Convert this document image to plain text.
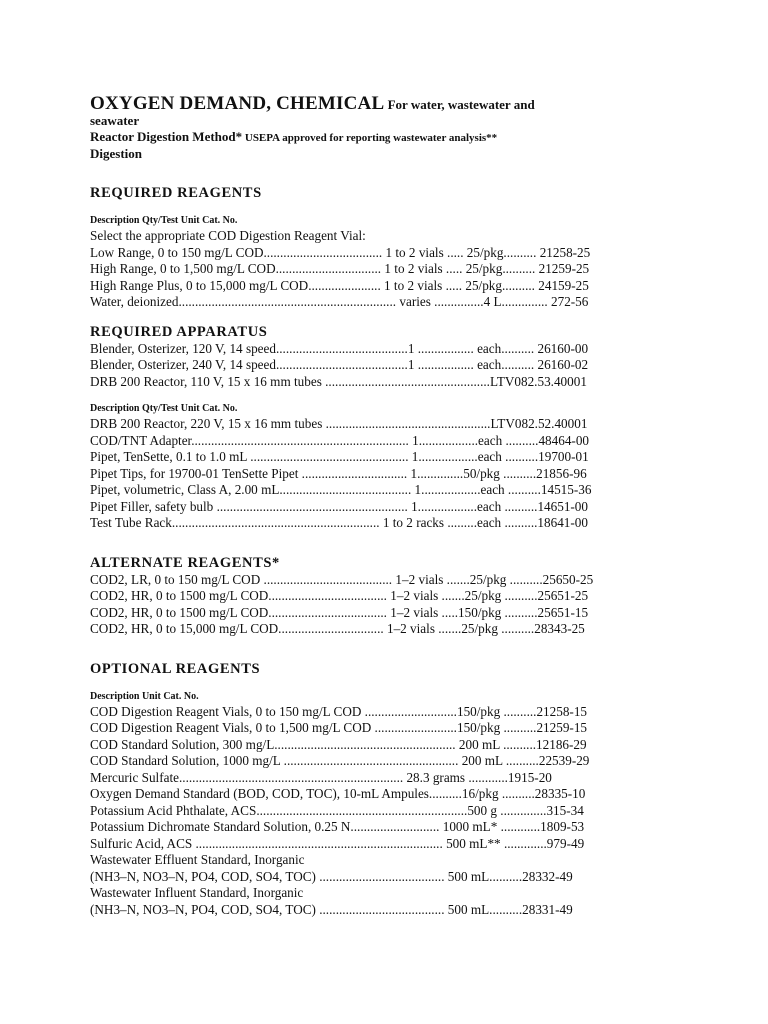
OXYGEN DEMAND, CHEMICAL For water, wastewater and
seawater
Reactor Digestion Method* USEPA approved for reporting wastewater analysis**
Digestion
REQUIRED REAGENTS
Description Qty/Test Unit Cat. No.
Select the appropriate COD Digestion Reagent Vial:
Low Range, 0 to 150 mg/L COD.................................... 1 to 2 vials ..... 25/pkg.......... 21258-25
High Range, 0 to 1,500 mg/L COD................................ 1 to 2 vials ..... 25/pkg.......... 21259-25
High Range Plus, 0 to 15,000 mg/L COD...................... 1 to 2 vials ..... 25/pkg.......... 24159-25
Water, deionized.................................................................. varies ...............4 L.............. 272-56
REQUIRED APPARATUS
Blender, Osterizer, 120 V, 14 speed........................................1 ................. each.......... 26160-00
Blender, Osterizer, 240 V, 14 speed........................................1 ................. each.......... 26160-02
DRB 200 Reactor, 110 V, 15 x 16 mm tubes ..................................................LTV082.53.40001
Description Qty/Test Unit Cat. No.
DRB 200 Reactor, 220 V, 15 x 16 mm tubes ..................................................LTV082.52.40001
COD/TNT Adapter.................................................................. 1..................each ..........48464-00
Pipet, TenSette, 0.1 to 1.0 mL ................................................ 1..................each ..........19700-01
Pipet Tips, for 19700-01 TenSette Pipet ................................ 1..............50/pkg ..........21856-96
Pipet, volumetric, Class A, 2.00 mL........................................ 1..................each ..........14515-36
Pipet Filler, safety bulb .......................................................... 1..................each ..........14651-00
Test Tube Rack............................................................... 1 to 2 racks .........each ..........18641-00
ALTERNATE REAGENTS*
COD2, LR, 0 to 150 mg/L COD ....................................... 1–2 vials .......25/pkg ..........25650-25
COD2, HR, 0 to 1500 mg/L COD.................................... 1–2 vials .......25/pkg ..........25651-25
COD2, HR, 0 to 1500 mg/L COD.................................... 1–2 vials .....150/pkg ..........25651-15
COD2, HR, 0 to 15,000 mg/L COD................................ 1–2 vials .......25/pkg ..........28343-25
OPTIONAL REAGENTS
Description Unit Cat. No.
COD Digestion Reagent Vials, 0 to 150 mg/L COD ............................150/pkg ..........21258-15
COD Digestion Reagent Vials, 0 to 1,500 mg/L COD .........................150/pkg ..........21259-15
COD Standard Solution, 300 mg/L....................................................... 200 mL ..........12186-29
COD Standard Solution, 1000 mg/L ..................................................... 200 mL ..........22539-29
Mercuric Sulfate.................................................................... 28.3 grams ............1915-20
Oxygen Demand Standard (BOD, COD, TOC), 10-mL Ampules..........16/pkg ..........28335-10
Potassium Acid Phthalate, ACS................................................................500 g ..............315-34
Potassium Dichromate Standard Solution, 0.25 N........................... 1000 mL* ............1809-53
Sulfuric Acid, ACS ........................................................................... 500 mL** .............979-49
Wastewater Effluent Standard, Inorganic
(NH3–N, NO3–N, PO4, COD, SO4, TOC) ...................................... 500 mL..........28332-49
Wastewater Influent Standard, Inorganic
(NH3–N, NO3–N, PO4, COD, SO4, TOC) ...................................... 500 mL..........28331-49
